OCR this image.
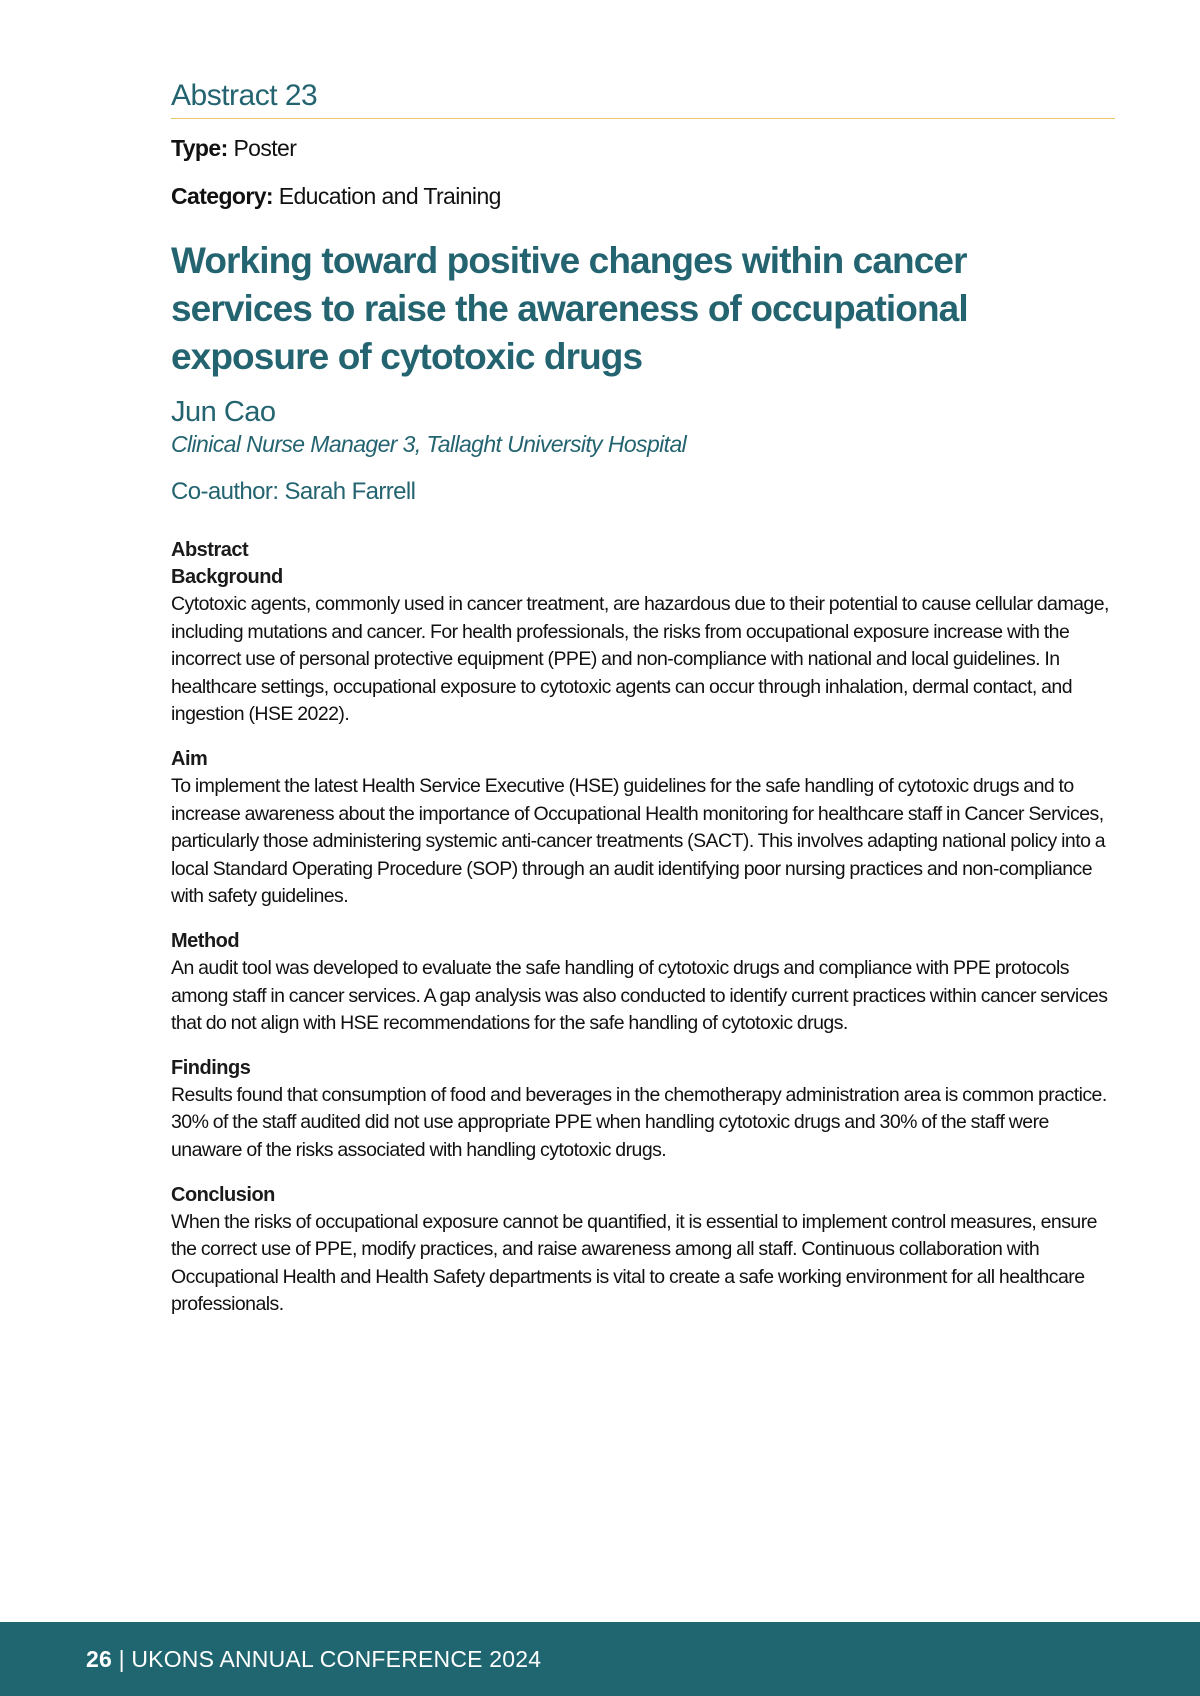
Abstract 23
Type: Poster
Category: Education and Training
Working toward positive changes within cancer services to raise the awareness of occupational exposure of cytotoxic drugs
Jun Cao
Clinical Nurse Manager 3, Tallaght University Hospital
Co-author: Sarah Farrell
Abstract
Background
Cytotoxic agents, commonly used in cancer treatment, are hazardous due to their potential to cause cellular damage, including mutations and cancer. For health professionals, the risks from occupational exposure increase with the incorrect use of personal protective equipment (PPE) and non-compliance with national and local guidelines. In healthcare settings, occupational exposure to cytotoxic agents can occur through inhalation, dermal contact, and ingestion (HSE 2022).
Aim
To implement the latest Health Service Executive (HSE) guidelines for the safe handling of cytotoxic drugs and to increase awareness about the importance of Occupational Health monitoring for healthcare staff in Cancer Services, particularly those administering systemic anti-cancer treatments (SACT). This involves adapting national policy into a local Standard Operating Procedure (SOP) through an audit identifying poor nursing practices and non-compliance with safety guidelines.
Method
An audit tool was developed to evaluate the safe handling of cytotoxic drugs and compliance with PPE protocols among staff in cancer services. A gap analysis was also conducted to identify current practices within cancer services that do not align with HSE recommendations for the safe handling of cytotoxic drugs.
Findings
Results found that consumption of food and beverages in the chemotherapy administration area is common practice. 30% of the staff audited did not use appropriate PPE when handling cytotoxic drugs and 30% of the staff were unaware of the risks associated with handling cytotoxic drugs.
Conclusion
When the risks of occupational exposure cannot be quantified, it is essential to implement control measures, ensure the correct use of PPE, modify practices, and raise awareness among all staff. Continuous collaboration with Occupational Health and Health Safety departments is vital to create a safe working environment for all healthcare professionals.
26 | UKONS ANNUAL CONFERENCE 2024
